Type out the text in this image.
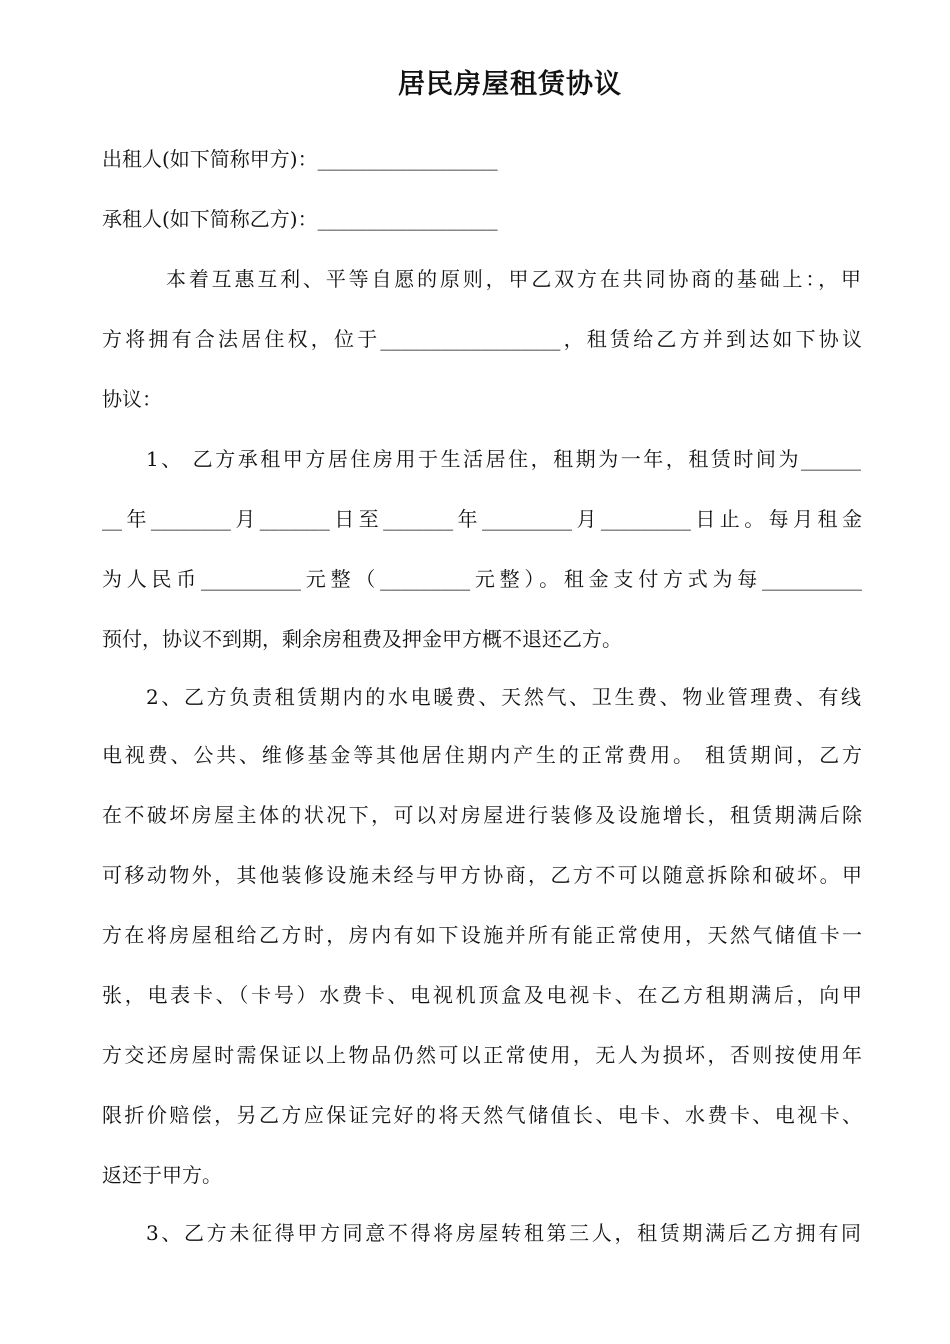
居民房屋租赁协议
出租人(如下简称甲方)：__________________
承租人(如下简称乙方)：__________________
本着互惠互利、平等自愿的原则，甲乙双方在共同协商的基础上：，甲
方将拥有合法居住权，位于__________________，租赁给乙方并到达如下协议
协议：
1、 乙方承租甲方居住房用于生活居住，租期为一年，租赁时间为______
__年________月_______日至_______年_________月_________日止。每月租金
为人民币__________元整（_________元整）。租金支付方式为每__________
预付，协议不到期，剩余房租费及押金甲方概不退还乙方。
2、乙方负责租赁期内的水电暖费、天然气、卫生费、物业管理费、有线
电视费、公共、维修基金等其他居住期内产生的正常费用。 租赁期间，乙方
在不破坏房屋主体的状况下，可以对房屋进行装修及设施增长，租赁期满后除
可移动物外，其他装修设施未经与甲方协商，乙方不可以随意拆除和破坏。甲
方在将房屋租给乙方时，房内有如下设施并所有能正常使用，天然气储值卡一
张，电表卡、（卡号）水费卡、电视机顶盒及电视卡、在乙方租期满后，向甲
方交还房屋时需保证以上物品仍然可以正常使用，无人为损坏，否则按使用年
限折价赔偿，另乙方应保证完好的将天然气储值长、电卡、水费卡、电视卡、
返还于甲方。
3、乙方未征得甲方同意不得将房屋转租第三人，租赁期满后乙方拥有同
